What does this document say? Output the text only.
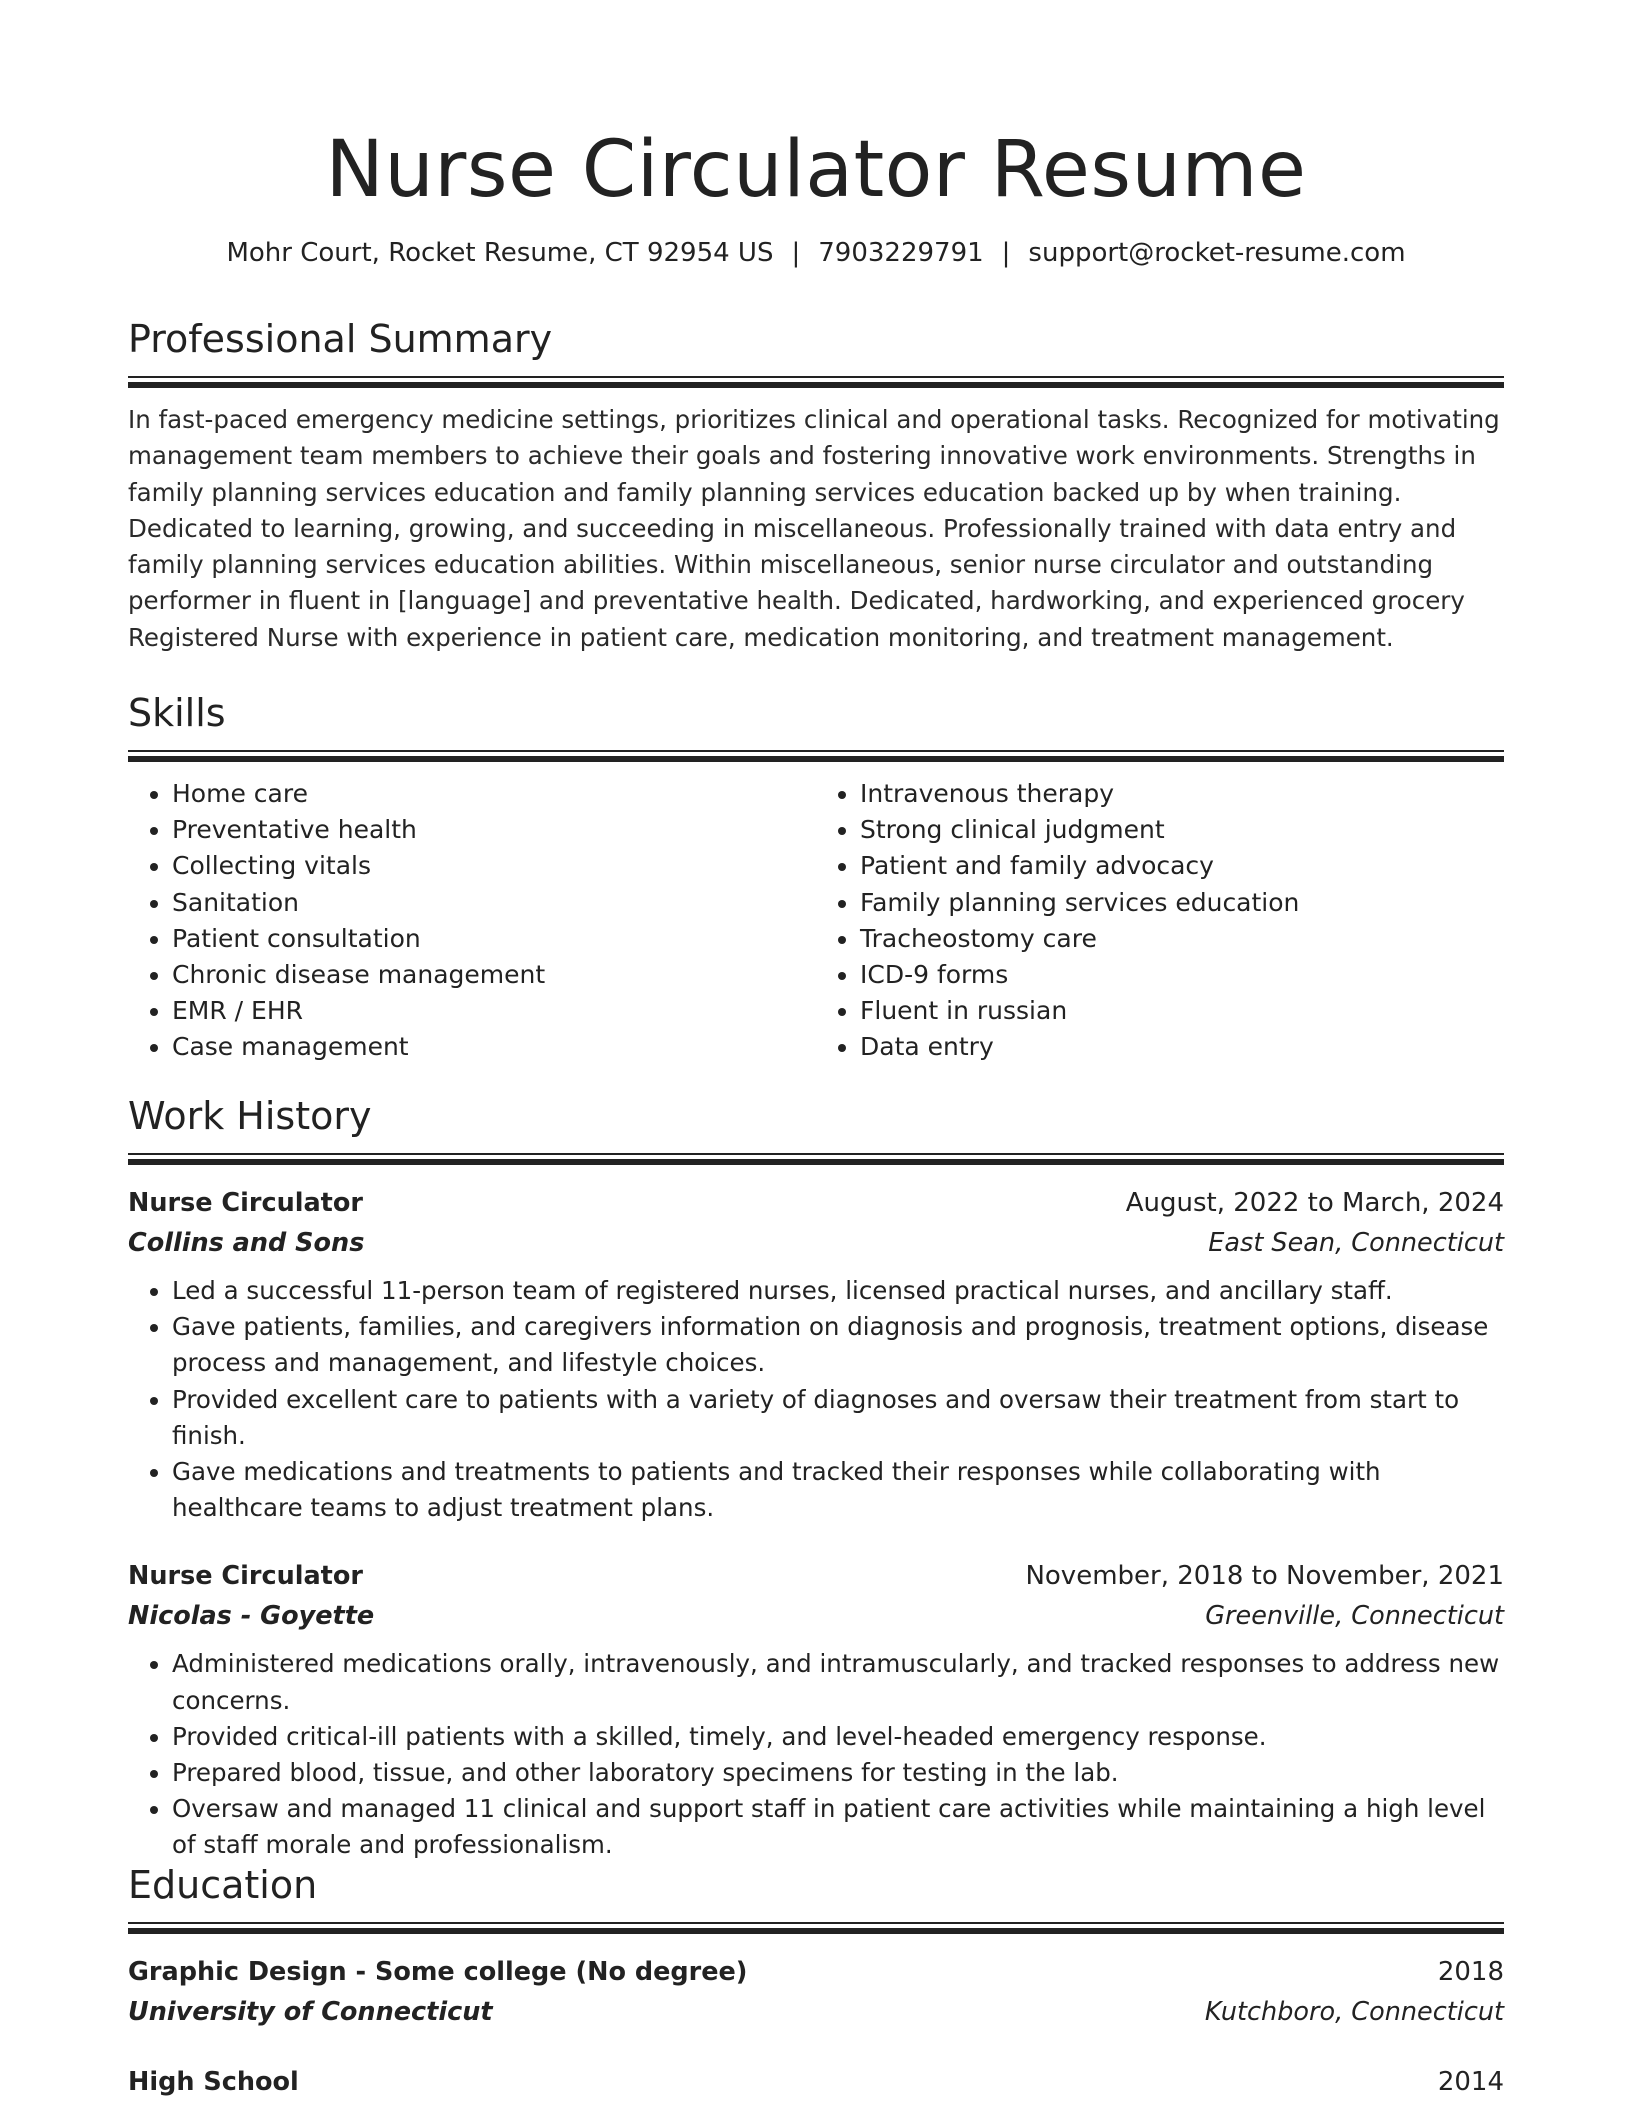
Nurse Circulator Resume
Mohr Court, Rocket Resume, CT 92954 US | 7903229791 | support@rocket-resume.com
Professional Summary

In fast-paced emergency medicine settings, prioritizes clinical and operational tasks. Recognized for motivating management team members to achieve their goals and fostering innovative work environments. Strengths in family planning services education and family planning services education backed up by when training. Dedicated to learning, growing, and succeeding in miscellaneous. Professionally trained with data entry and family planning services education abilities. Within miscellaneous, senior nurse circulator and outstanding performer in fluent in [language] and preventative health. Dedicated, hardworking, and experienced grocery Registered Nurse with experience in patient care, medication monitoring, and treatment management.

Skills
• Home care
• Preventative health
• Collecting vitals
• Sanitation
• Patient consultation
• Chronic disease management
• EMR / EHR
• Case management
• Intravenous therapy
• Strong clinical judgment
• Patient and family advocacy
• Family planning services education
• Tracheostomy care
• ICD-9 forms
• Fluent in russian
• Data entry
Work History
Nurse Circulator	August, 2022 to March, 2024
Collins and Sons	East Sean, Connecticut
• Led a successful 11-person team of registered nurses, licensed practical nurses, and ancillary staff.
• Gave patients, families, and caregivers information on diagnosis and prognosis, treatment options, disease process and management, and lifestyle choices.
• Provided excellent care to patients with a variety of diagnoses and oversaw their treatment from start to finish.
• Gave medications and treatments to patients and tracked their responses while collaborating with healthcare teams to adjust treatment plans.
Nurse Circulator	November, 2018 to November, 2021
Nicolas - Goyette	Greenville, Connecticut
• Administered medications orally, intravenously, and intramuscularly, and tracked responses to address new concerns.
• Provided critical-ill patients with a skilled, timely, and level-headed emergency response.
• Prepared blood, tissue, and other laboratory specimens for testing in the lab.
• Oversaw and managed 11 clinical and support staff in patient care activities while maintaining a high level of staff morale and professionalism.
Education
Graphic Design - Some college (No degree)	2018
University of Connecticut	Kutchboro, Connecticut
High School	2014
